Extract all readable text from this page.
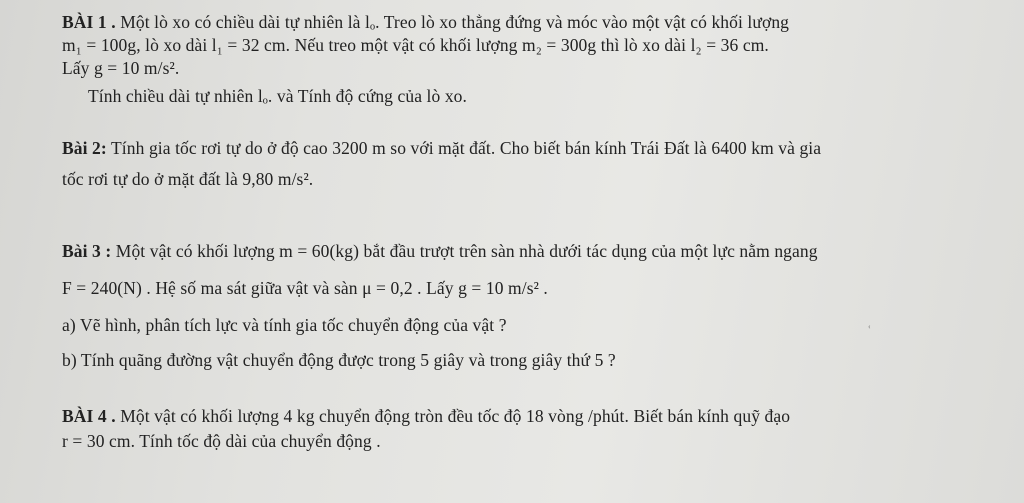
BÀI 1 . Một lò xo có chiều dài tự nhiên là lₒ. Treo lò xo thẳng đứng và móc vào một vật có khối lượng
m₁ = 100g, lò xo dài l₁ = 32 cm. Nếu treo một vật có khối lượng m₂ = 300g thì lò xo dài l₂ = 36 cm.
Lấy g = 10 m/s².
Tính chiều dài tự nhiên lₒ. và Tính độ cứng của lò xo.
Bài 2: Tính gia tốc rơi tự do ở độ cao 3200 m so với mặt đất. Cho biết bán kính Trái Đất là 6400 km và gia
tốc rơi tự do ở mặt đất là 9,80 m/s².
Bài 3 : Một vật có khối lượng m = 60(kg) bắt đầu trượt trên sàn nhà dưới tác dụng của một lực nằm ngang
F = 240(N) . Hệ số ma sát giữa vật và sàn μ = 0,2 . Lấy g = 10 m/s² .
a) Vẽ hình, phân tích lực và tính gia tốc chuyển động của vật ?
b) Tính quãng đường vật chuyển động được trong 5 giây và trong giây thứ 5 ?
BÀI 4 . Một vật có khối lượng 4 kg chuyển động tròn đều tốc độ 18 vòng /phút. Biết bán kính quỹ đạo
r = 30 cm. Tính tốc độ dài của chuyển động .
‹
